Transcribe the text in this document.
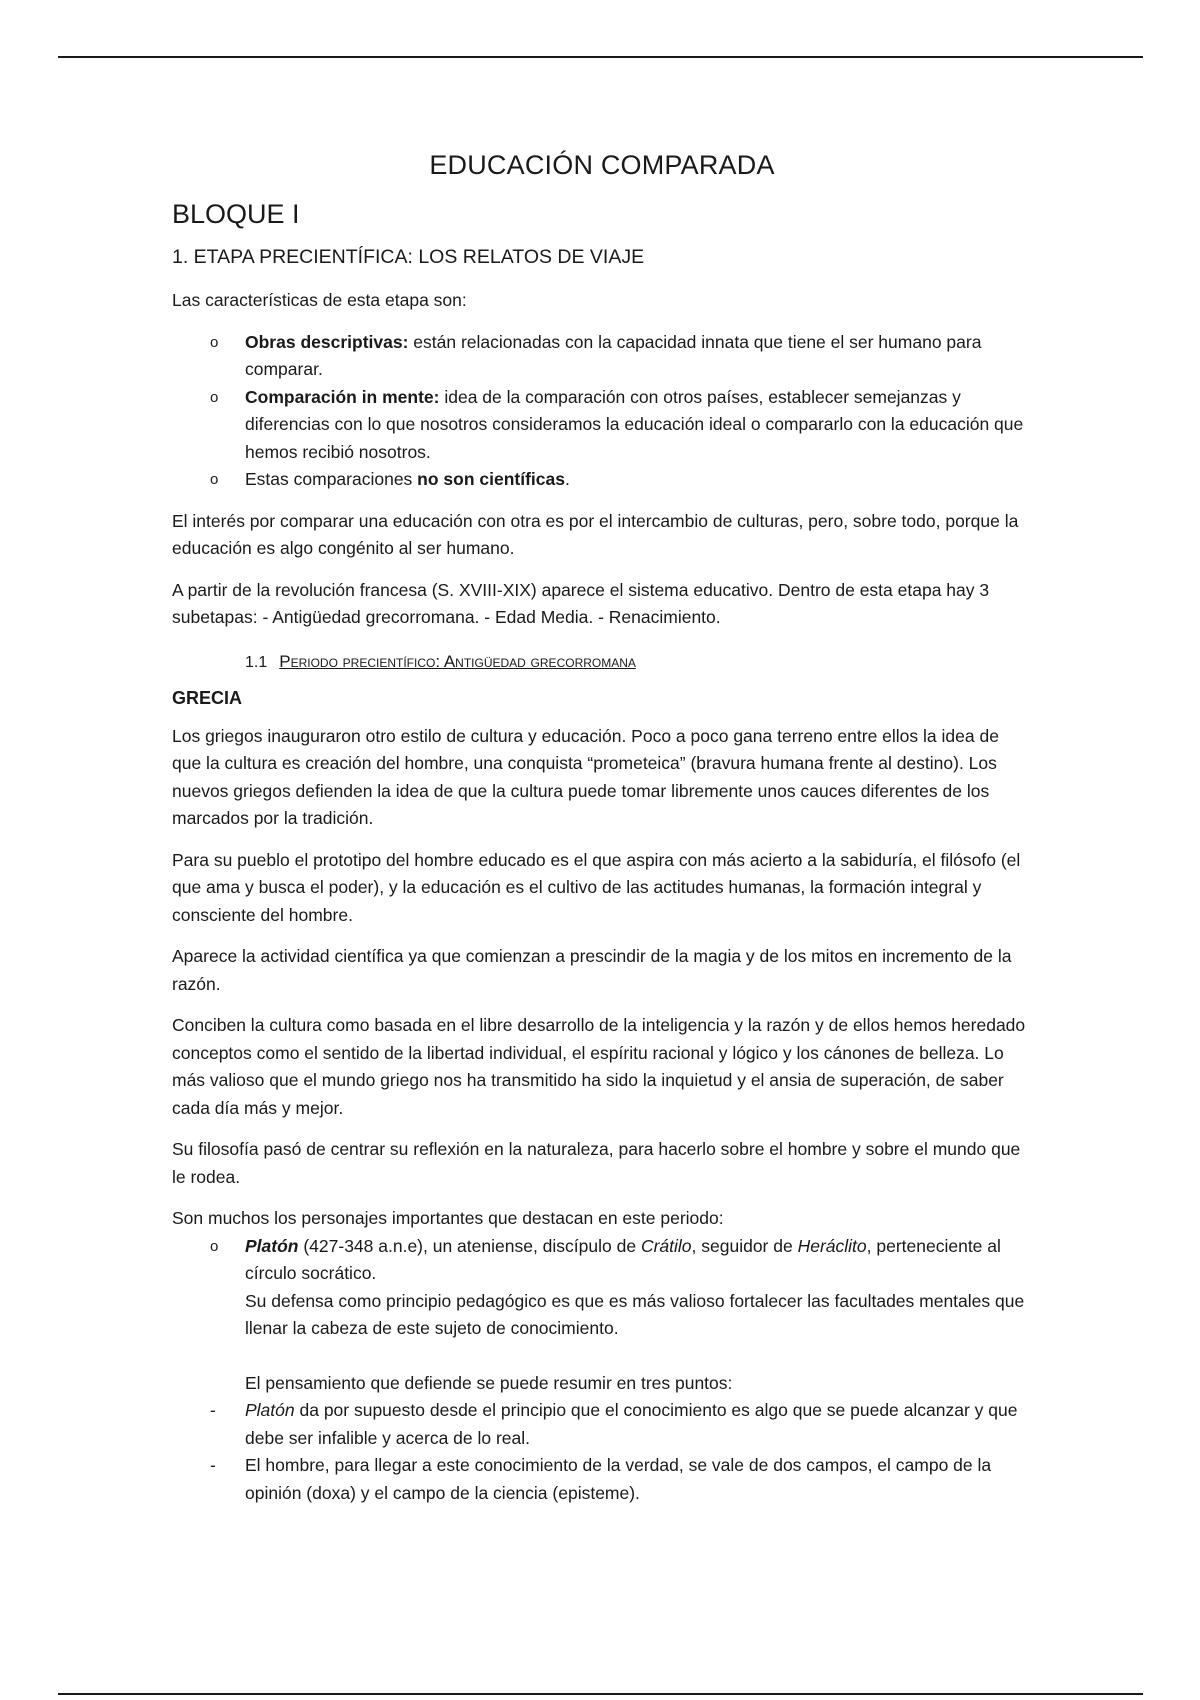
EDUCACIÓN COMPARADA
BLOQUE I
1. ETAPA PRECIENTÍFICA: LOS RELATOS DE VIAJE

Las características de esta etapa son:

o Obras descriptivas: están relacionadas con la capacidad innata que tiene el ser humano para comparar.
o Comparación in mente: idea de la comparación con otros países, establecer semejanzas y diferencias con lo que nosotros consideramos la educación ideal o compararlo con la educación que hemos recibió nosotros.
o Estas comparaciones no son científicas.

El interés por comparar una educación con otra es por el intercambio de culturas, pero, sobre todo, porque la educación es algo congénito al ser humano.

A partir de la revolución francesa (S. XVIII-XIX) aparece el sistema educativo. Dentro de esta etapa hay 3 subetapas: - Antigüedad grecorromana. - Edad Media. - Renacimiento.

1.1 Periodo precientífico: Antigüedad grecorromana
GRECIA

Los griegos inauguraron otro estilo de cultura y educación. Poco a poco gana terreno entre ellos la idea de que la cultura es creación del hombre, una conquista “prometeica” (bravura humana frente al destino). Los nuevos griegos defienden la idea de que la cultura puede tomar libremente unos cauces diferentes de los marcados por la tradición.

Para su pueblo el prototipo del hombre educado es el que aspira con más acierto a la sabiduría, el filósofo (el que ama y busca el poder), y la educación es el cultivo de las actitudes humanas, la formación integral y consciente del hombre.

Aparece la actividad científica ya que comienzan a prescindir de la magia y de los mitos en incremento de la razón.

Conciben la cultura como basada en el libre desarrollo de la inteligencia y la razón y de ellos hemos heredado conceptos como el sentido de la libertad individual, el espíritu racional y lógico y los cánones de belleza. Lo más valioso que el mundo griego nos ha transmitido ha sido la inquietud y el ansia de superación, de saber cada día más y mejor.

Su filosofía pasó de centrar su reflexión en la naturaleza, para hacerlo sobre el hombre y sobre el mundo que le rodea.

Son muchos los personajes importantes que destacan en este periodo:

o Platón (427-348 a.n.e), un ateniense, discípulo de Crátilo, seguidor de Heráclito, perteneciente al círculo socrático.
Su defensa como principio pedagógico es que es más valioso fortalecer las facultades mentales que llenar la cabeza de este sujeto de conocimiento.
El pensamiento que defiende se puede resumir en tres puntos:
- Platón da por supuesto desde el principio que el conocimiento es algo que se puede alcanzar y que debe ser infalible y acerca de lo real.
- El hombre, para llegar a este conocimiento de la verdad, se vale de dos campos, el campo de la opinión (doxa) y el campo de la ciencia (episteme).
